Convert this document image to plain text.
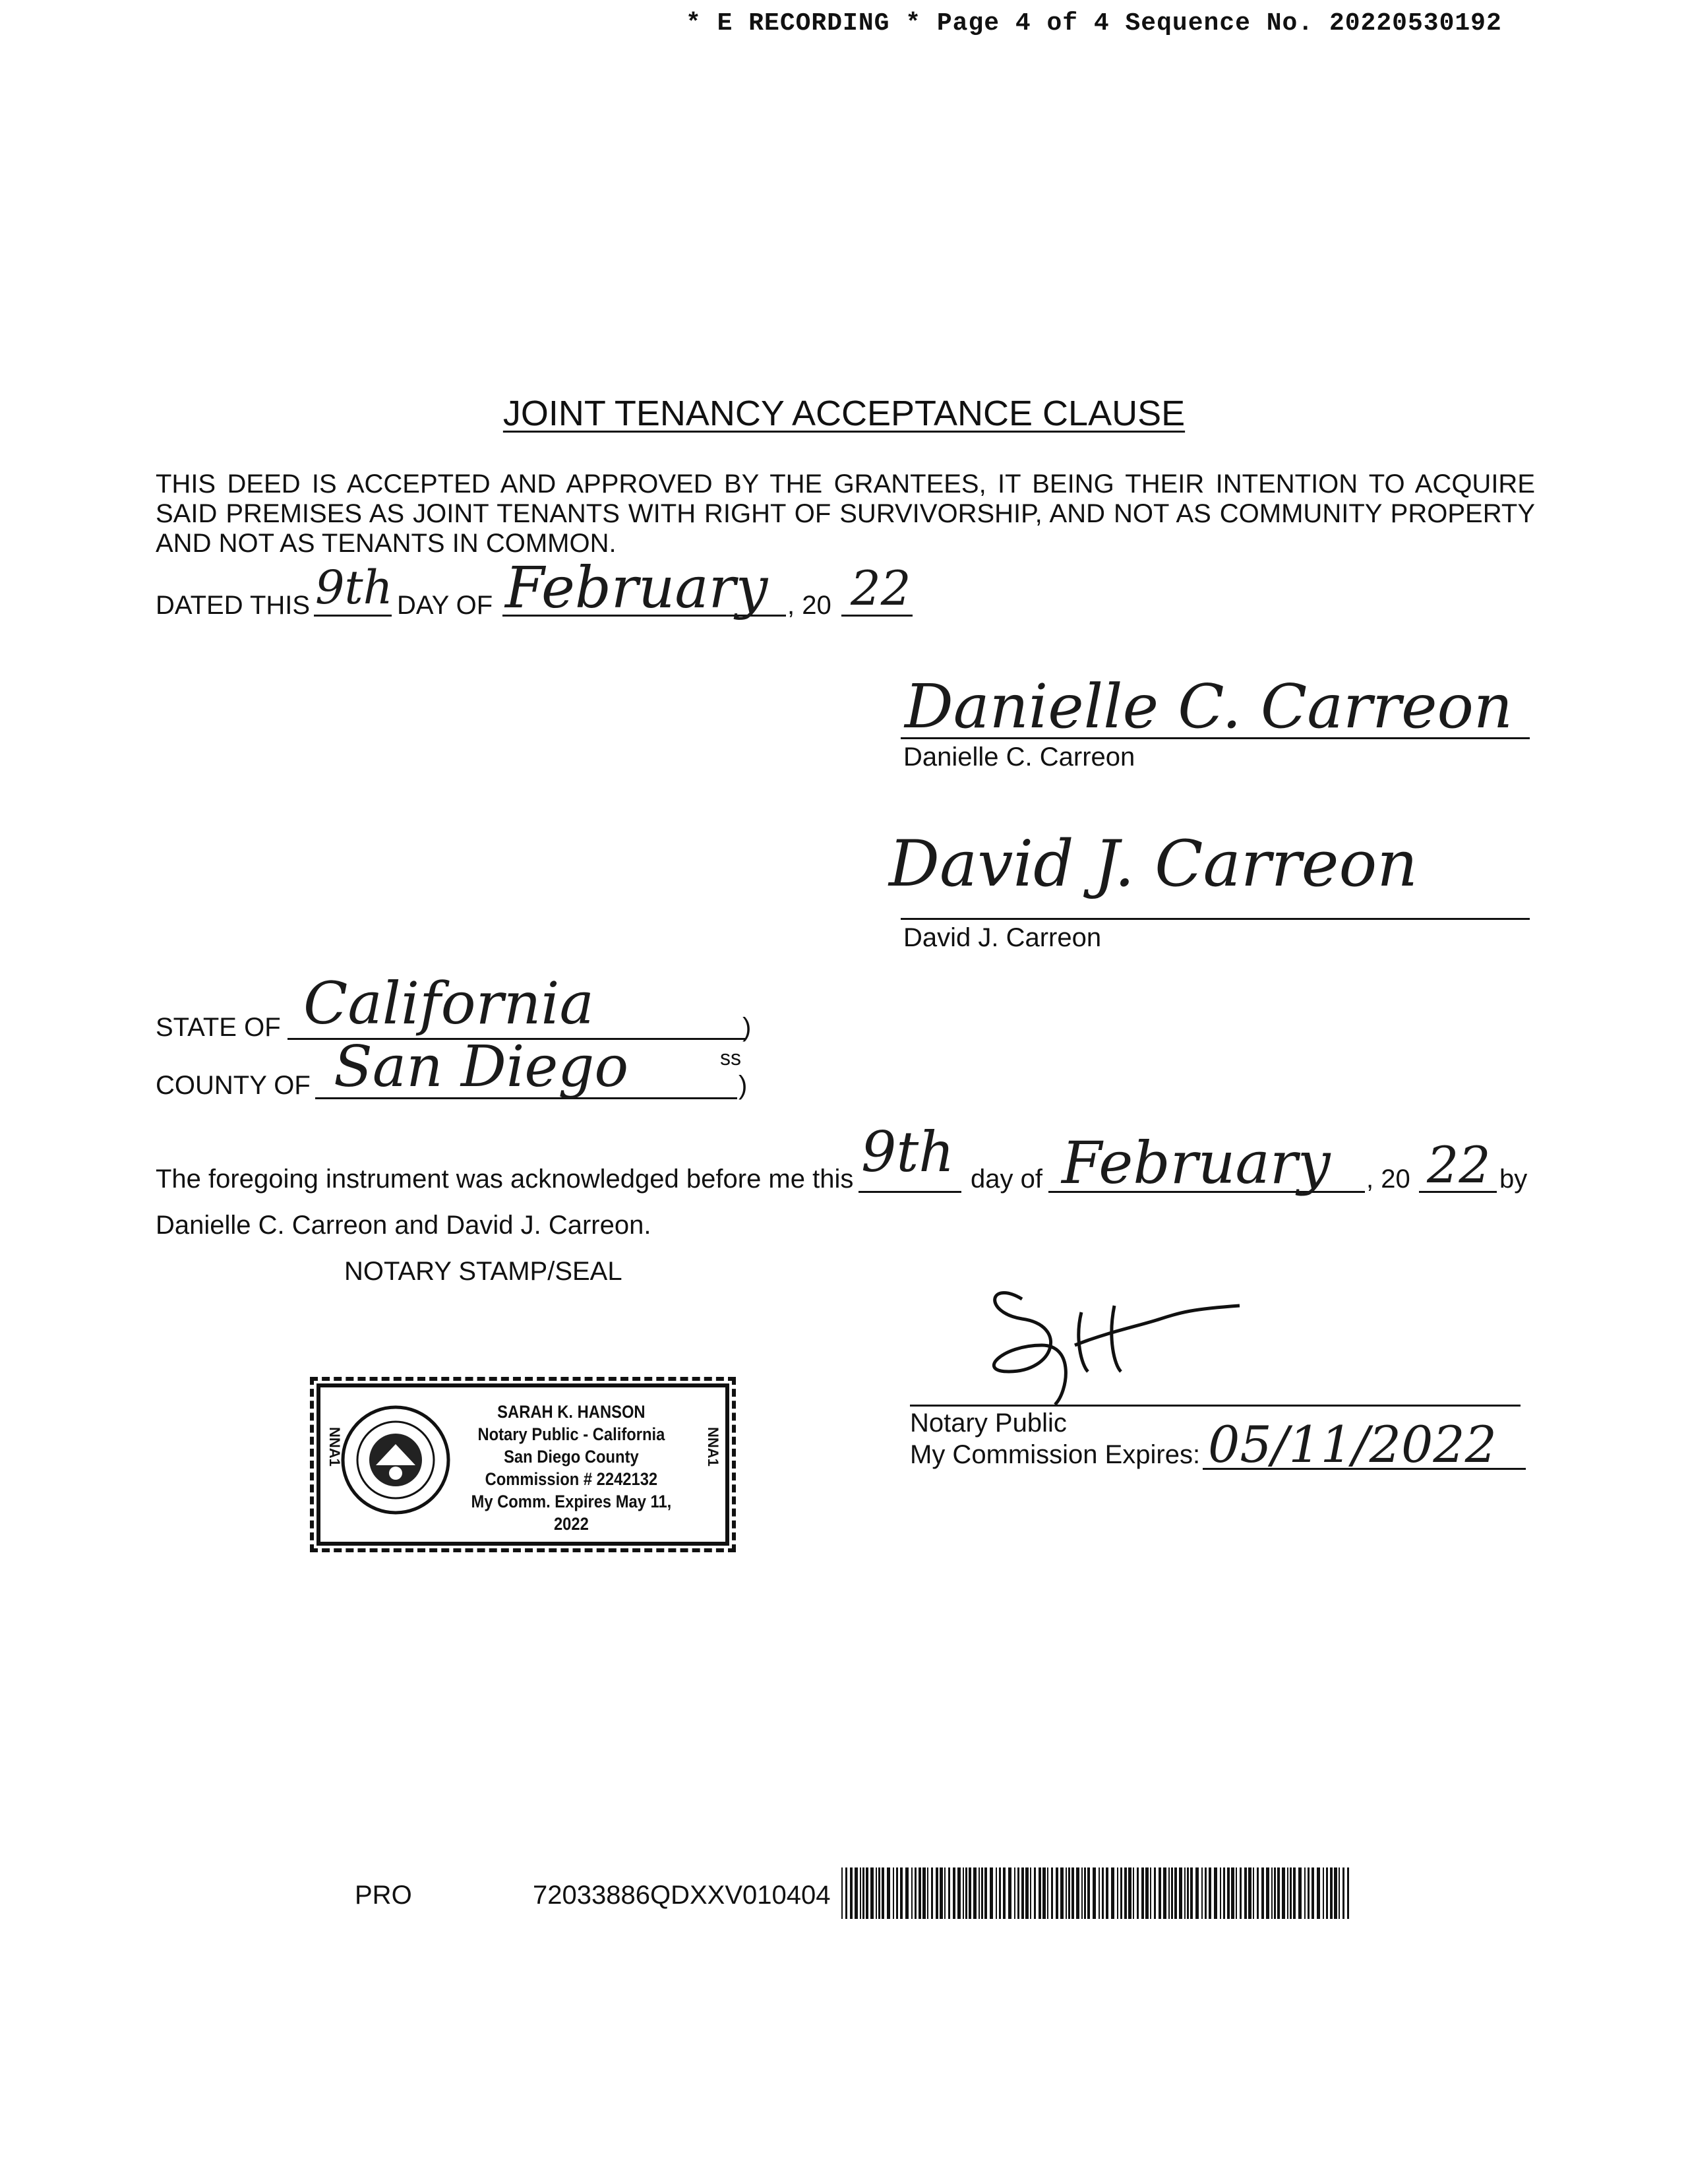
* E RECORDING * Page 4 of 4 Sequence No. 20220530192
JOINT TENANCY ACCEPTANCE CLAUSE
THIS DEED IS ACCEPTED AND APPROVED BY THE GRANTEES, IT BEING THEIR INTENTION TO ACQUIRE
SAID PREMISES AS JOINT TENANTS WITH RIGHT OF SURVIVORSHIP, AND NOT AS COMMUNITY PROPERTY
AND NOT AS TENANTS IN COMMON.
DATED THIS 9th DAY OF February , 20 22
Danielle C. Carreon
Danielle C. Carreon
David J. Carreon
David J. Carreon
STATE OF California	)
ss
COUNTY OF San Diego	)
The foregoing instrument was acknowledged before me this 9th day of February , 20 22 by
Danielle C. Carreon and David J. Carreon.
NOTARY STAMP/SEAL
Notary Public
My Commission Expires: 05/11/2022
NNA1	NNA1
SARAH K. HANSON
Notary Public - California
San Diego County
Commission # 2242132
My Comm. Expires May 11, 2022
PRO	72033886QDXXV010404
